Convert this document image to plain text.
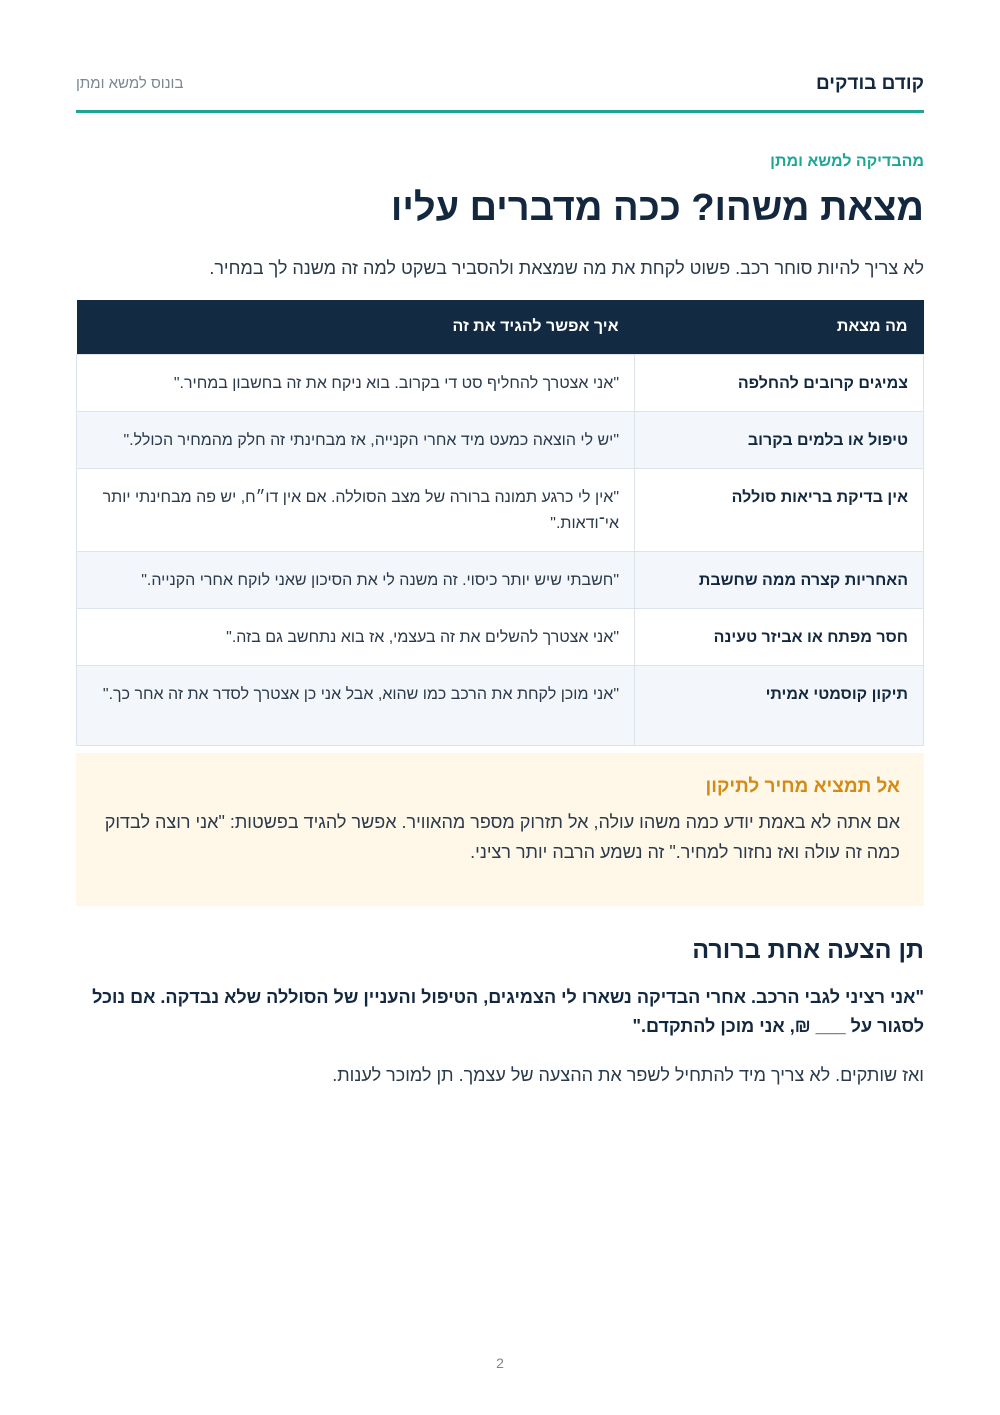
קודם בודקים
בונוס למשא ומתן
מהבדיקה למשא ומתן
מצאת משהו? ככה מדברים עליו

לא צריך להיות סוחר רכב. פשוט לקחת את מה שמצאת ולהסביר בשקט למה זה משנה לך במחיר.

מה מצאת	איך אפשר להגיד את זה
צמיגים קרובים להחלפה	"אני אצטרך להחליף סט די בקרוב. בוא ניקח את זה בחשבון במחיר."
טיפול או בלמים בקרוב	"יש לי הוצאה כמעט מיד אחרי הקנייה, אז מבחינתי זה חלק מהמחיר הכולל."
אין בדיקת בריאות סוללה	"אין לי כרגע תמונה ברורה של מצב הסוללה. אם אין דו״ח, יש פה מבחינתי יותר אי־ודאות."
האחריות קצרה ממה שחשבת	"חשבתי שיש יותר כיסוי. זה משנה לי את הסיכון שאני לוקח אחרי הקנייה."
חסר מפתח או אביזר טעינה	"אני אצטרך להשלים את זה בעצמי, אז בוא נתחשב גם בזה."
תיקון קוסמטי אמיתי	"אני מוכן לקחת את הרכב כמו שהוא, אבל אני כן אצטרך לסדר את זה אחר כך."
אל תמציא מחיר לתיקון

אם אתה לא באמת יודע כמה משהו עולה, אל תזרוק מספר מהאוויר. אפשר להגיד בפשטות: "אני רוצה לבדוק כמה זה עולה ואז נחזור למחיר." זה נשמע הרבה יותר רציני.

תן הצעה אחת ברורה

"אני רציני לגבי הרכב. אחרי הבדיקה נשארו לי הצמיגים, הטיפול והעניין של הסוללה שלא נבדקה. אם נוכל לסגור על ___ ₪, אני מוכן להתקדם."

ואז שותקים. לא צריך מיד להתחיל לשפר את ההצעה של עצמך. תן למוכר לענות.

2
